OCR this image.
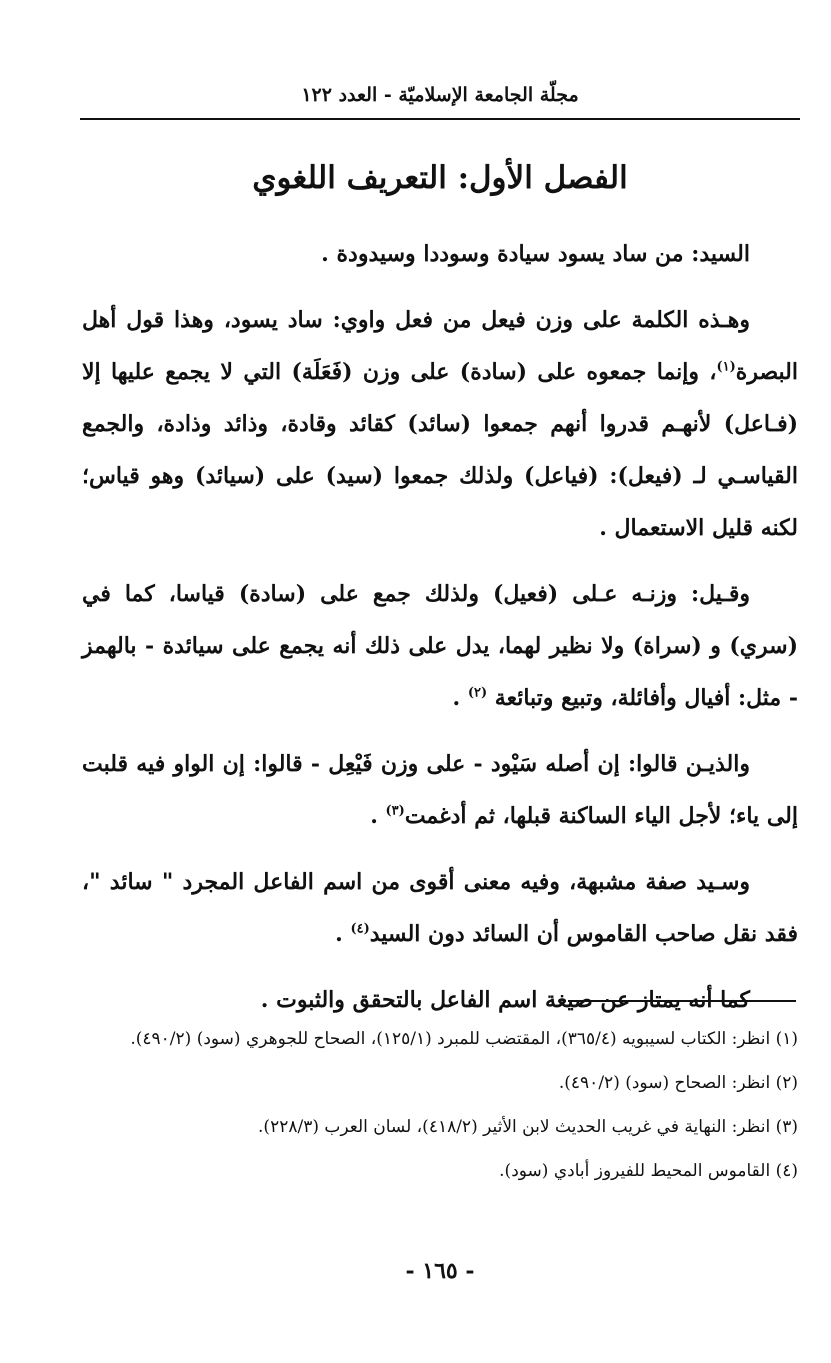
مجلّة الجامعة الإسلاميّة - العدد ١٢٢
الفصل الأول: التعريف اللغوي

السيد: من ساد يسود سيادة وسوددا وسيدودة .

وهـذه الكلمة على وزن فيعل من فعل واوي: ساد يسود، وهذا قول أهل البصرة$^{(١)}$، وإنما جمعوه على (سادة) على وزن (فَعَلَة) التي لا يجمع عليها إلا (فـاعل) لأنهـم قدروا أنهم جمعوا (سائد) كقائد وقادة، وذائد وذادة، والجمع القياسـي لـ (فيعل): (فياعل) ولذلك جمعوا (سيد) على (سيائد) وهو قياس؛ لكنه قليل الاستعمال .

وقـيل: وزنـه عـلى (فعيل) ولذلك جمع على (سادة) قياسا، كما في (سري) و (سراة) ولا نظير لهما، يدل على ذلك أنه يجمع على سيائدة - بالهمز - مثل: أفيال وأفائلة، وتبيع وتبائعة $^{(٢)}$ .

والذيـن قالوا: إن أصله سَيْود - على وزن فَيْعِل - قالوا: إن الواو فيه قلبت إلى ياء؛ لأجل الياء الساكنة قبلها، ثم أدغمت$^{(٣)}$ .

وسـيد صفة مشبهة، وفيه معنى أقوى من اسم الفاعل المجرد " سائد "، فقد نقل صاحب القاموس أن السائد دون السيد$^{(٤)}$ .

كما أنه يمتاز عن صيغة اسم الفاعل بالتحقق والثبوت .

(١) انظر: الكتاب لسيبويه (٣٦٥/٤)، المقتضب للمبرد (١٢٥/١)، الصحاح للجوهري (سود) (٤٩٠/٢).

(٢) انظر: الصحاح (سود) (٤٩٠/٢).

(٣) انظر: النهاية في غريب الحديث لابن الأثير (٤١٨/٢)، لسان العرب (٢٢٨/٣).

(٤) القاموس المحيط للفيروز أبادي (سود).

- ١٦٥ -
